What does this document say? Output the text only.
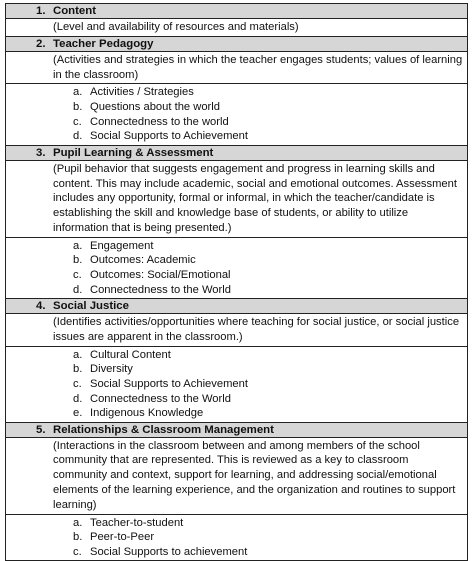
1. Content
(Level and availability of resources and materials)
2. Teacher Pedagogy
(Activities and strategies in which the teacher engages students; values of learning in the classroom)
a. Activities / Strategies
b. Questions about the world
c. Connectedness to the world
d. Social Supports to Achievement
3. Pupil Learning & Assessment
(Pupil behavior that suggests engagement and progress in learning skills and content. This may include academic, social and emotional outcomes. Assessment includes any opportunity, formal or informal, in which the teacher/candidate is establishing the skill and knowledge base of students, or ability to utilize information that is being presented.)
a. Engagement
b. Outcomes: Academic
c. Outcomes: Social/Emotional
d. Connectedness to the World
4. Social Justice
(Identifies activities/opportunities where teaching for social justice, or social justice issues are apparent in the classroom.)
a. Cultural Content
b. Diversity
c. Social Supports to Achievement
d. Connectedness to the World
e. Indigenous Knowledge
5. Relationships & Classroom Management
(Interactions in the classroom between and among members of the school community that are represented. This is reviewed as a key to classroom community and context, support for learning, and addressing social/emotional elements of the learning experience, and the organization and routines to support learning)
a. Teacher-to-student
b. Peer-to-Peer
c. Social Supports to achievement
